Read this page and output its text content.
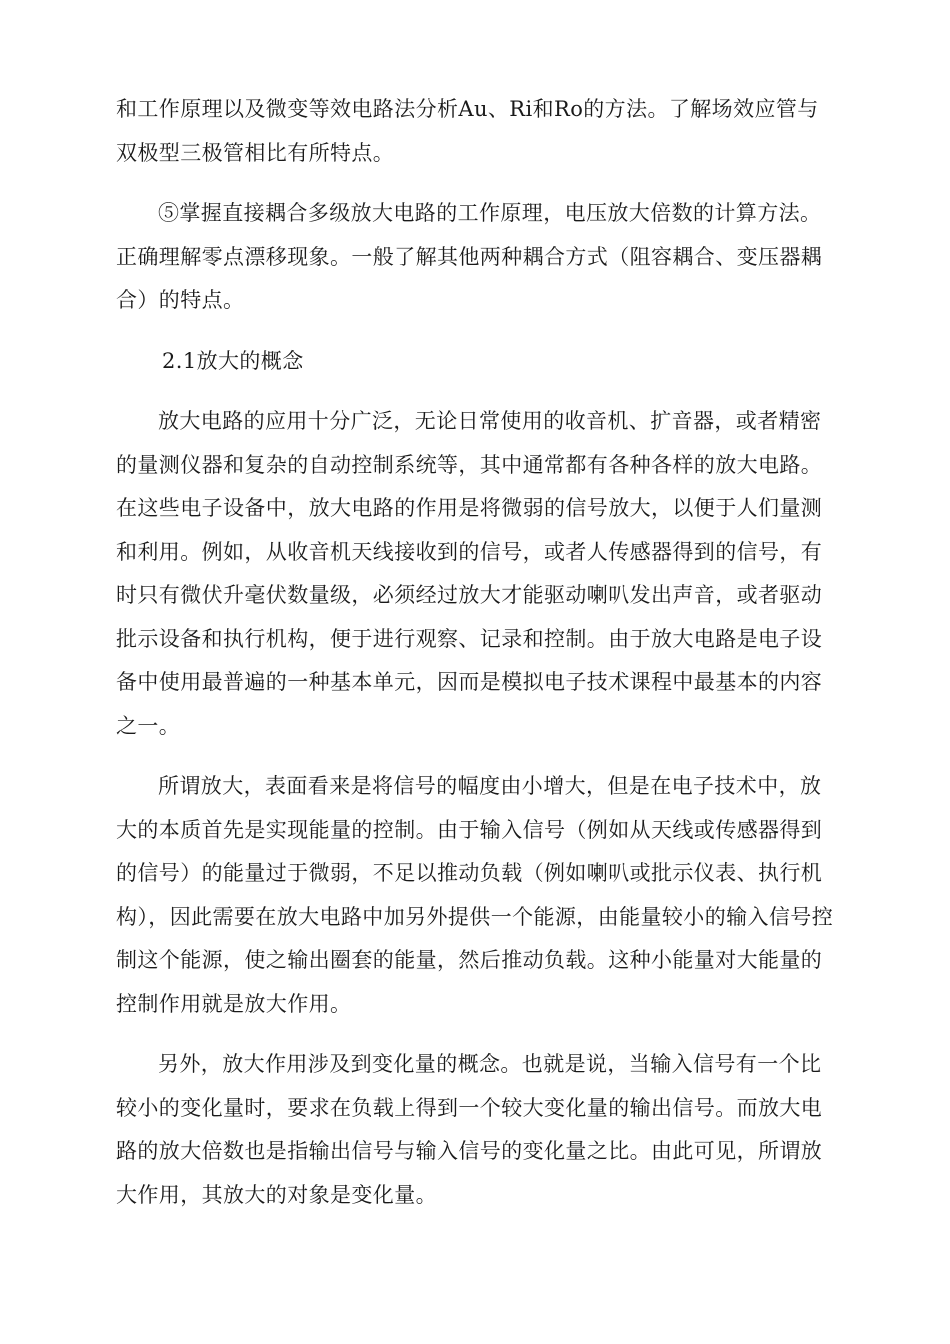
和工作原理以及微变等效电路法分析Au、Ri和Ro的方法。了解场效应管与双极型三极管相比有所特点。

⑤掌握直接耦合多级放大电路的工作原理，电压放大倍数的计算方法。正确理解零点漂移现象。一般了解其他两种耦合方式（阻容耦合、变压器耦合）的特点。

2.1放大的概念

放大电路的应用十分广泛，无论日常使用的收音机、扩音器，或者精密的量测仪器和复杂的自动控制系统等，其中通常都有各种各样的放大电路。在这些电子设备中，放大电路的作用是将微弱的信号放大，以便于人们量测和利用。例如，从收音机天线接收到的信号，或者人传感器得到的信号，有时只有微伏升毫伏数量级，必须经过放大才能驱动喇叭发出声音，或者驱动批示设备和执行机构，便于进行观察、记录和控制。由于放大电路是电子设备中使用最普遍的一种基本单元，因而是模拟电子技术课程中最基本的内容之一。

所谓放大，表面看来是将信号的幅度由小增大，但是在电子技术中，放大的本质首先是实现能量的控制。由于输入信号（例如从天线或传感器得到的信号）的能量过于微弱，不足以推动负载（例如喇叭或批示仪表、执行机构），因此需要在放大电路中加另外提供一个能源，由能量较小的输入信号控制这个能源，使之输出圈套的能量，然后推动负载。这种小能量对大能量的控制作用就是放大作用。

另外，放大作用涉及到变化量的概念。也就是说，当输入信号有一个比较小的变化量时，要求在负载上得到一个较大变化量的输出信号。而放大电路的放大倍数也是指输出信号与输入信号的变化量之比。由此可见，所谓放大作用，其放大的对象是变化量。
